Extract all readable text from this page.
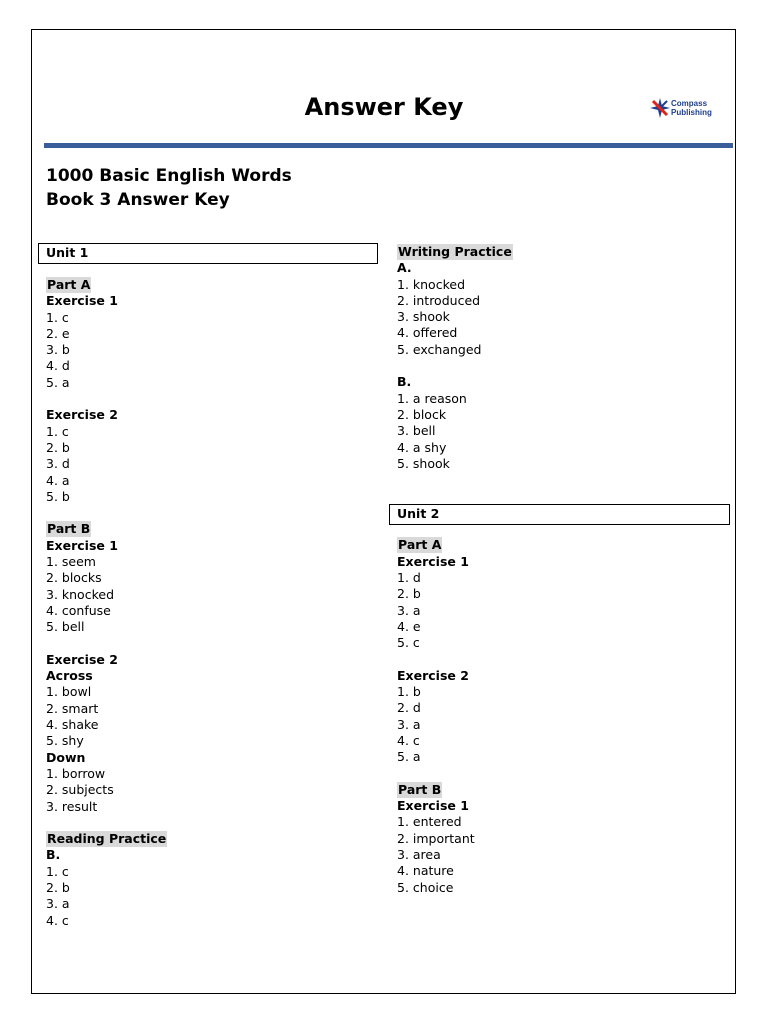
Answer Key	Compass
Publishing
1000 Basic English Words
Book 3 Answer Key
Unit 1
Part A
Exercise 1
1. c
2. e
3. b
4. d
5. a
Exercise 2
1. c
2. b
3. d
4. a
5. b
Part B
Exercise 1
1. seem
2. blocks
3. knocked
4. confuse
5. bell
Exercise 2
Across
1. bowl
2. smart
4. shake
5. shy
Down
1. borrow
2. subjects
3. result
Reading Practice
B.
1. c
2. b
3. a
4. c
Writing Practice
A.
1. knocked
2. introduced
3. shook
4. offered
5. exchanged
B.
1. a reason
2. block
3. bell
4. a shy
5. shook
Part A
Exercise 1
1. d
2. b
3. a
4. e
5. c
Exercise 2
1. b
2. d
3. a
4. c
5. a
Part B
Exercise 1
1. entered
2. important
3. area
4. nature
5. choice
Unit 2
